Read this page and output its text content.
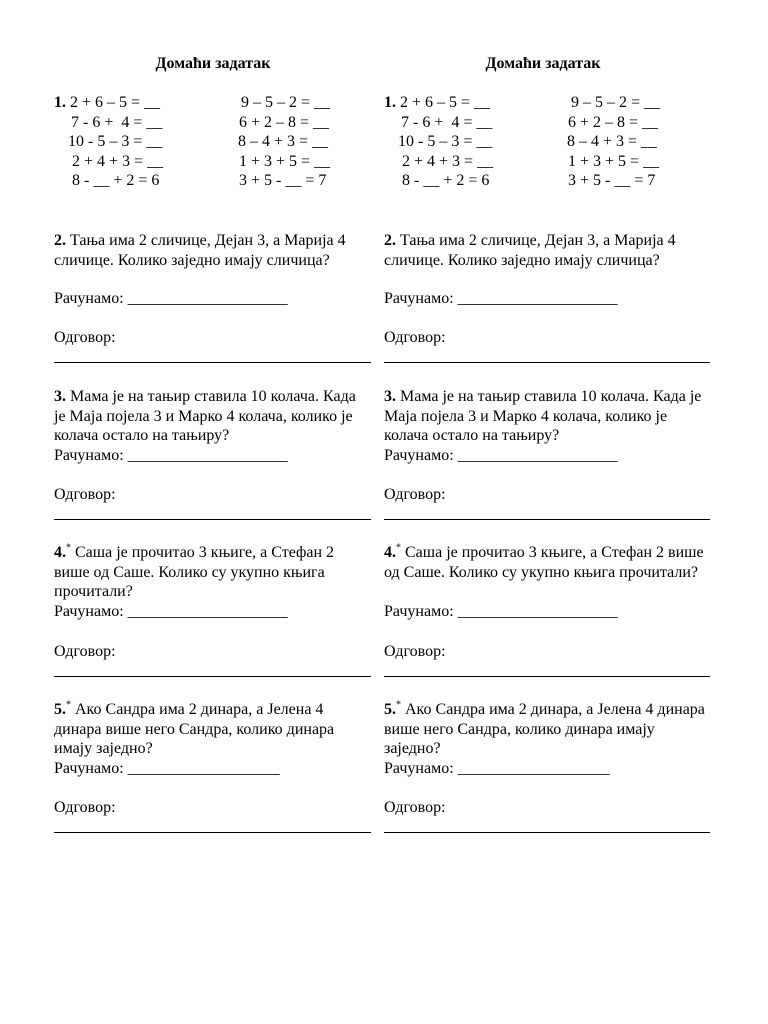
Домаћи задатак
1. 2 + 6 – 5 = __	9 – 5 – 2 = __
7 - 6 +  4 = __	6 + 2 – 8 = __
10 - 5 – 3 = __	8 – 4 + 3 = __
2 + 4 + 3 = __	1 + 3 + 5 = __
8 - __ + 2 = 6	3 + 5 - __ = 7
2. Тања има 2 сличице, Дејан 3, а Марија 4 сличице. Колико заједно имају сличица?
Рачунамо: ____________________
Одговор:
3. Мама је на тањир ставила 10 колача. Када је Маја појела 3 и Марко 4 колача, колико је колача остало на тањиру?
Рачунамо: ____________________
Одговор:
4.* Саша је прочитао 3 књиге, а Стефан 2 више од Саше. Колико су укупно књига прочитали?
Рачунамо: ____________________
Одговор:
5.* Ако Сандра има 2 динара, а Јелена 4 динара више него Сандра, колико динара имају заједно?
Рачунамо: ___________________
Одговор:
Домаћи задатак
1. 2 + 6 – 5 = __	9 – 5 – 2 = __
7 - 6 +  4 = __	6 + 2 – 8 = __
10 - 5 – 3 = __	8 – 4 + 3 = __
2 + 4 + 3 = __	1 + 3 + 5 = __
8 - __ + 2 = 6	3 + 5 - __ = 7
2. Тања има 2 сличице, Дејан 3, а Марија 4 сличице. Колико заједно имају сличица?
Рачунамо: ____________________
Одговор:
3. Мама је на тањир ставила 10 колача. Када је Маја појела 3 и Марко 4 колача, колико је колача остало на тањиру?
Рачунамо: ____________________
Одговор:
4.* Саша је прочитао 3 књиге, а Стефан 2 више од Саше. Колико су укупно књига прочитали?
Рачунамо: ____________________
Одговор:
5.* Ако Сандра има 2 динара, а Јелена 4 динара више него Сандра, колико динара имају заједно?
Рачунамо: ___________________
Одговор:
